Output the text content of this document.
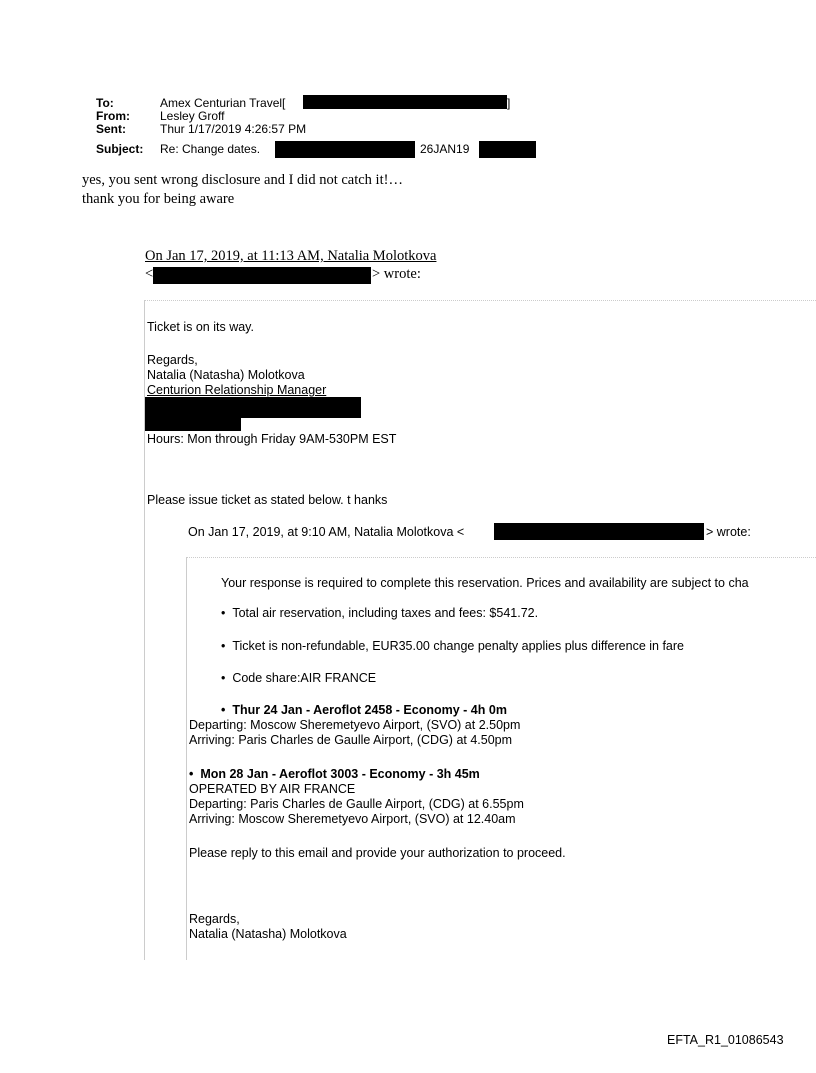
To:	Amex Centurian Travel[	]
From:	Lesley Groff
Sent:	Thur 1/17/2019 4:26:57 PM
Subject: Re: Change dates.	26JAN19
yes, you sent wrong disclosure and I did not catch it!…
thank you for being aware
On Jan 17, 2019, at 11:13 AM, Natalia Molotkova
<	> wrote:
Ticket is on its way.
Regards,
Natalia (Natasha) Molotkova
Centurion Relationship Manager
Hours: Mon through Friday 9AM-530PM EST
Please issue ticket as stated below. t hanks
On Jan 17, 2019, at 9:10 AM, Natalia Molotkova <	> wrote:
Your response is required to complete this reservation. Prices and availability are subject to cha
•  Total air reservation, including taxes and fees: $541.72.
•  Ticket is non-refundable, EUR35.00 change penalty applies plus difference in fare
•  Code share:AIR FRANCE
•  Thur 24 Jan - Aeroflot 2458 - Economy - 4h 0m
Departing: Moscow Sheremetyevo Airport, (SVO) at 2.50pm
Arriving: Paris Charles de Gaulle Airport, (CDG) at 4.50pm
•  Mon 28 Jan - Aeroflot 3003 - Economy - 3h 45m
OPERATED BY AIR FRANCE
Departing: Paris Charles de Gaulle Airport, (CDG) at 6.55pm
Arriving: Moscow Sheremetyevo Airport, (SVO) at 12.40am
Please reply to this email and provide your authorization to proceed.
Regards,
Natalia (Natasha) Molotkova
EFTA_R1_01086543
